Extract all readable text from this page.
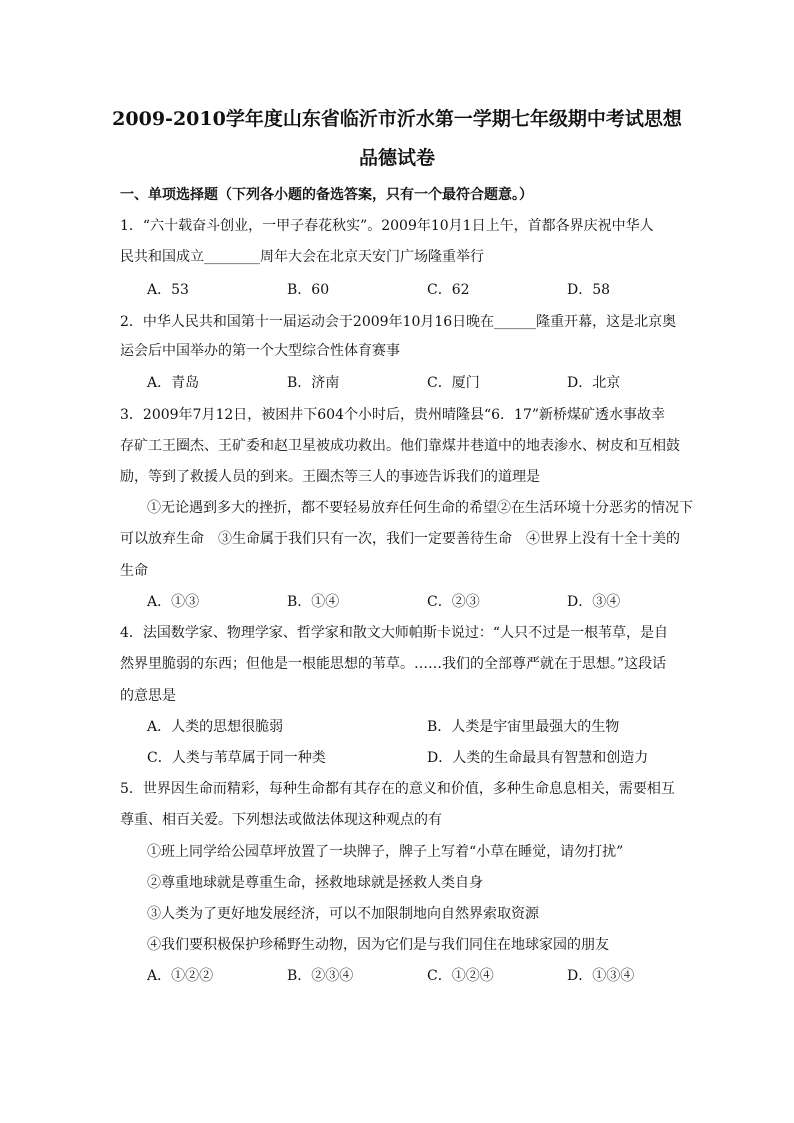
2009-2010学年度山东省临沂市沂水第一学期七年级期中考试思想
品德试卷
一、单项选择题（下列各小题的备选答案，只有一个最符合题意。）
1．“六十载奋斗创业，一甲子春花秋实”。2009年10月1日上午，首都各界庆祝中华人
民共和国成立________周年大会在北京天安门广场隆重举行
A．53	B．60	C．62	D．58
2．中华人民共和国第十一届运动会于2009年10月16日晚在______隆重开幕，这是北京奥
运会后中国举办的第一个大型综合性体育赛事
A．青岛	B．济南	C．厦门	D．北京
3．2009年7月12日，被困井下604个小时后，贵州晴隆县“6．17”新桥煤矿透水事故幸
存矿工王圈杰、王矿委和赵卫星被成功救出。他们靠煤井巷道中的地表渗水、树皮和互相鼓
励，等到了救援人员的到来。王圈杰等三人的事迹告诉我们的道理是
①无论遇到多大的挫折，都不要轻易放弃任何生命的希望②在生活环境十分恶劣的情况下
可以放弃生命　③生命属于我们只有一次，我们一定要善待生命　④世界上没有十全十美的
生命
A．①③	B．①④	C．②③	D．③④
4．法国数学家、物理学家、哲学家和散文大师帕斯卡说过：“人只不过是一根苇草，是自
然界里脆弱的东西；但他是一根能思想的苇草。……我们的全部尊严就在于思想。”这段话
的意思是
A．人类的思想很脆弱	B．人类是宇宙里最强大的生物
C．人类与苇草属于同一种类	D．人类的生命最具有智慧和创造力
5．世界因生命而精彩，每种生命都有其存在的意义和价值，多种生命息息相关，需要相互
尊重、相百关爱。下列想法或做法体现这种观点的有
①班上同学给公园草坪放置了一块牌子，牌子上写着“小草在睡觉，请勿打扰”
②尊重地球就是尊重生命，拯救地球就是拯救人类自身
③人类为了更好地发展经济，可以不加限制地向自然界索取资源
④我们要积极保护珍稀野生动物，因为它们是与我们同住在地球家园的朋友
A．①②②	B．②③④	C．①②④	D．①③④
